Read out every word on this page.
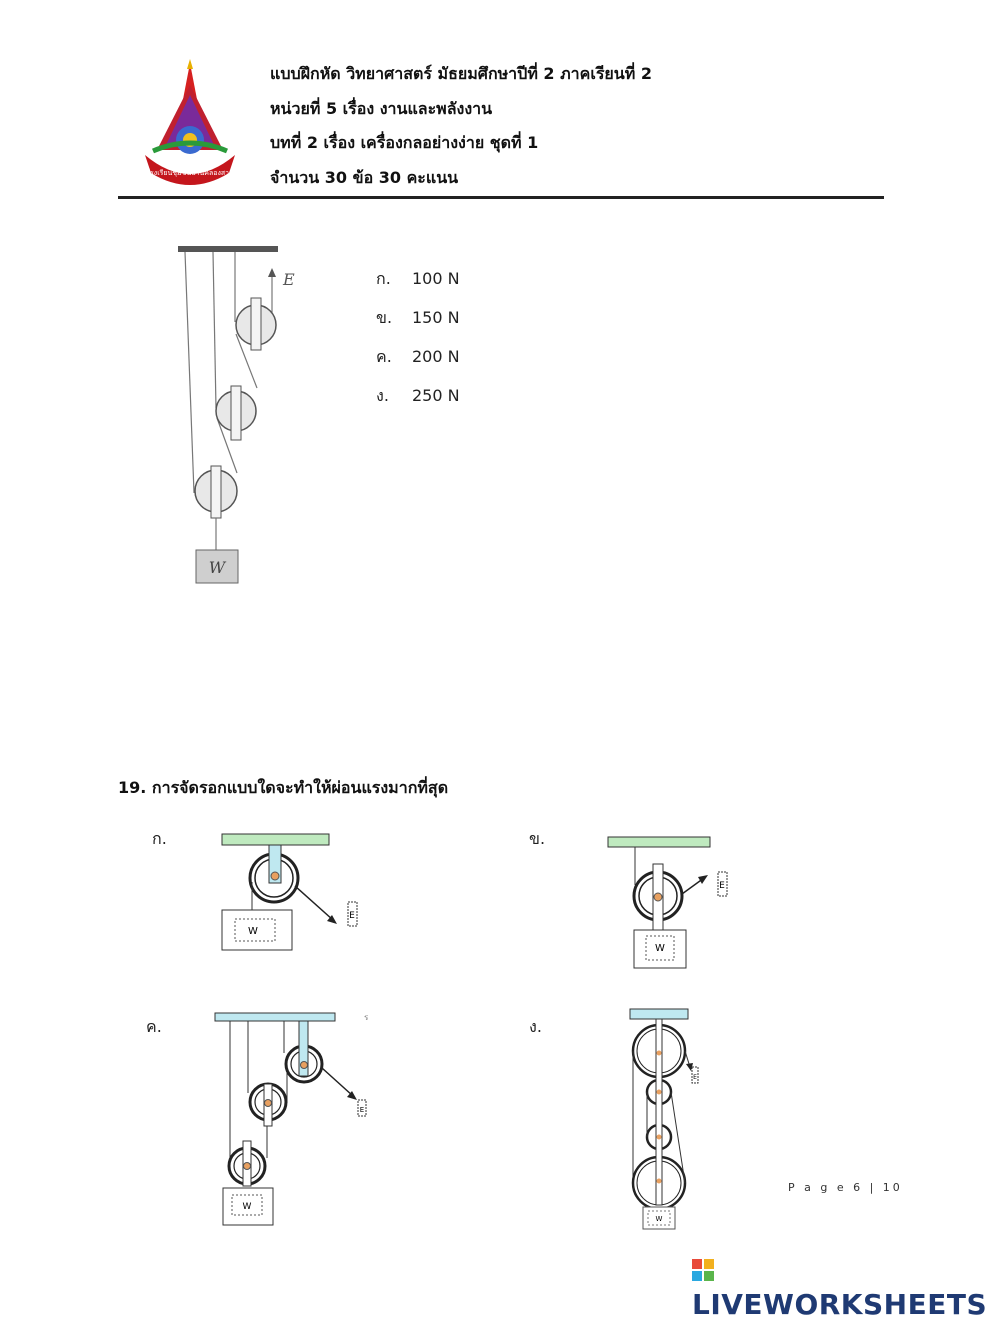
โรงเรียนชุมชนบ้านคลองสาม
แบบฝึกหัด วิทยาศาสตร์ มัธยมศึกษาปีที่ 2 ภาคเรียนที่ 2
หน่วยที่ 5 เรื่อง งานและพลังงาน
บทที่ 2 เรื่อง เครื่องกลอย่างง่าย ชุดที่ 1
จำนวน 30 ข้อ 30 คะแนน
W
E	ก. 100 N
ข. 150 N
ค. 200 N
ง. 250 N
19. การจัดรอกแบบใดจะทำให้ผ่อนแรงมากที่สุด
ก.	ข.
ค.	ง.
W
E
E
W
ร
E
W
E
W
P a g e 6 | 10
LIVEWORKSHEETS
